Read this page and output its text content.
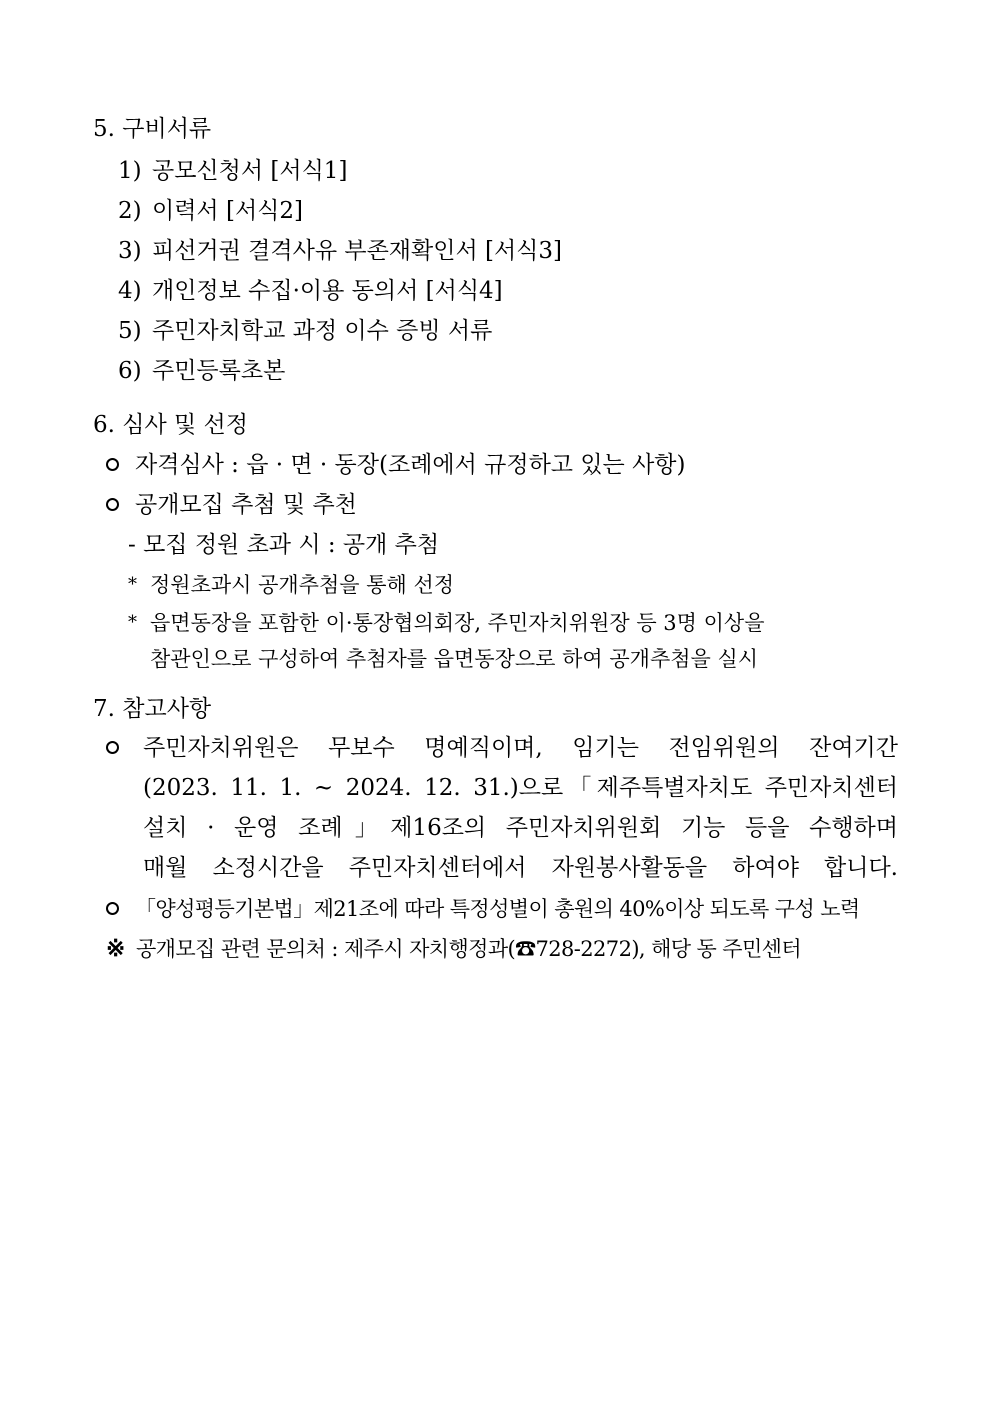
5. 구비서류
1) 공모신청서 [서식1]
2) 이력서 [서식2]
3) 피선거권 결격사유 부존재확인서 [서식3]
4) 개인정보 수집·이용 동의서 [서식4]
5) 주민자치학교 과정 이수 증빙 서류
6) 주민등록초본
6. 심사 및 선정
자격심사 : 읍 · 면 · 동장(조례에서 규정하고 있는 사항)
공개모집 추첨 및 추천
- 모집 정원 초과 시 : 공개 추첨
* 정원초과시 공개추첨을 통해 선정
* 읍면동장을 포함한 이·통장협의회장, 주민자치위원장 등 3명 이상을
참관인으로 구성하여 추첨자를 읍면동장으로 하여 공개추첨을 실시
7. 참고사항
주민자치위원은 무보수 명예직이며, 임기는 전임위원의 잔여기간
(2023. 11. 1. ~ 2024. 12. 31.)으로「제주특별자치도 주민자치센터
설치 · 운영 조례」제16조의 주민자치위원회 기능 등을 수행하며
매월 소정시간을 주민자치센터에서 자원봉사활동을 하여야 합니다.
「양성평등기본법」제21조에 따라 특정성별이 총원의 40%이상 되도록 구성 노력
※ 공개모집 관련 문의처 : 제주시 자치행정과(☎728-2272), 해당 동 주민센터
